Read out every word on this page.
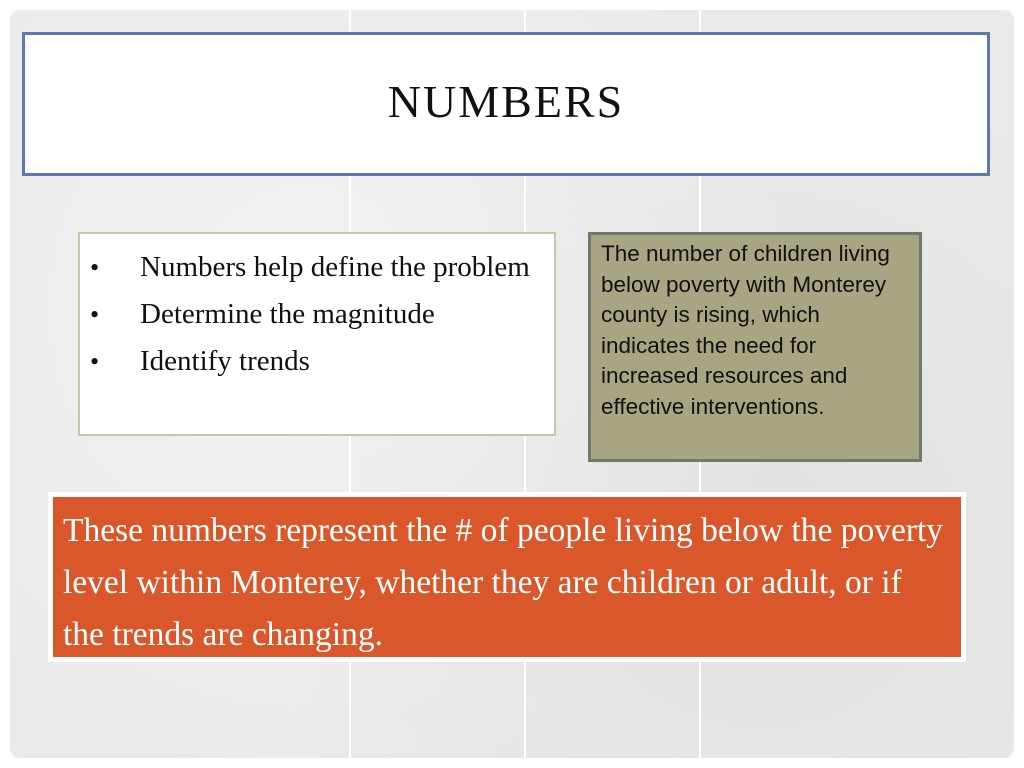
NUMBERS
• Numbers help define the problem
• Determine the magnitude
• Identify trends
The number of children living below poverty with Monterey county is rising, which indicates the need for increased resources and effective interventions.
These numbers represent the # of people living below the poverty level within Monterey, whether they are children or adult, or if the trends are changing.
